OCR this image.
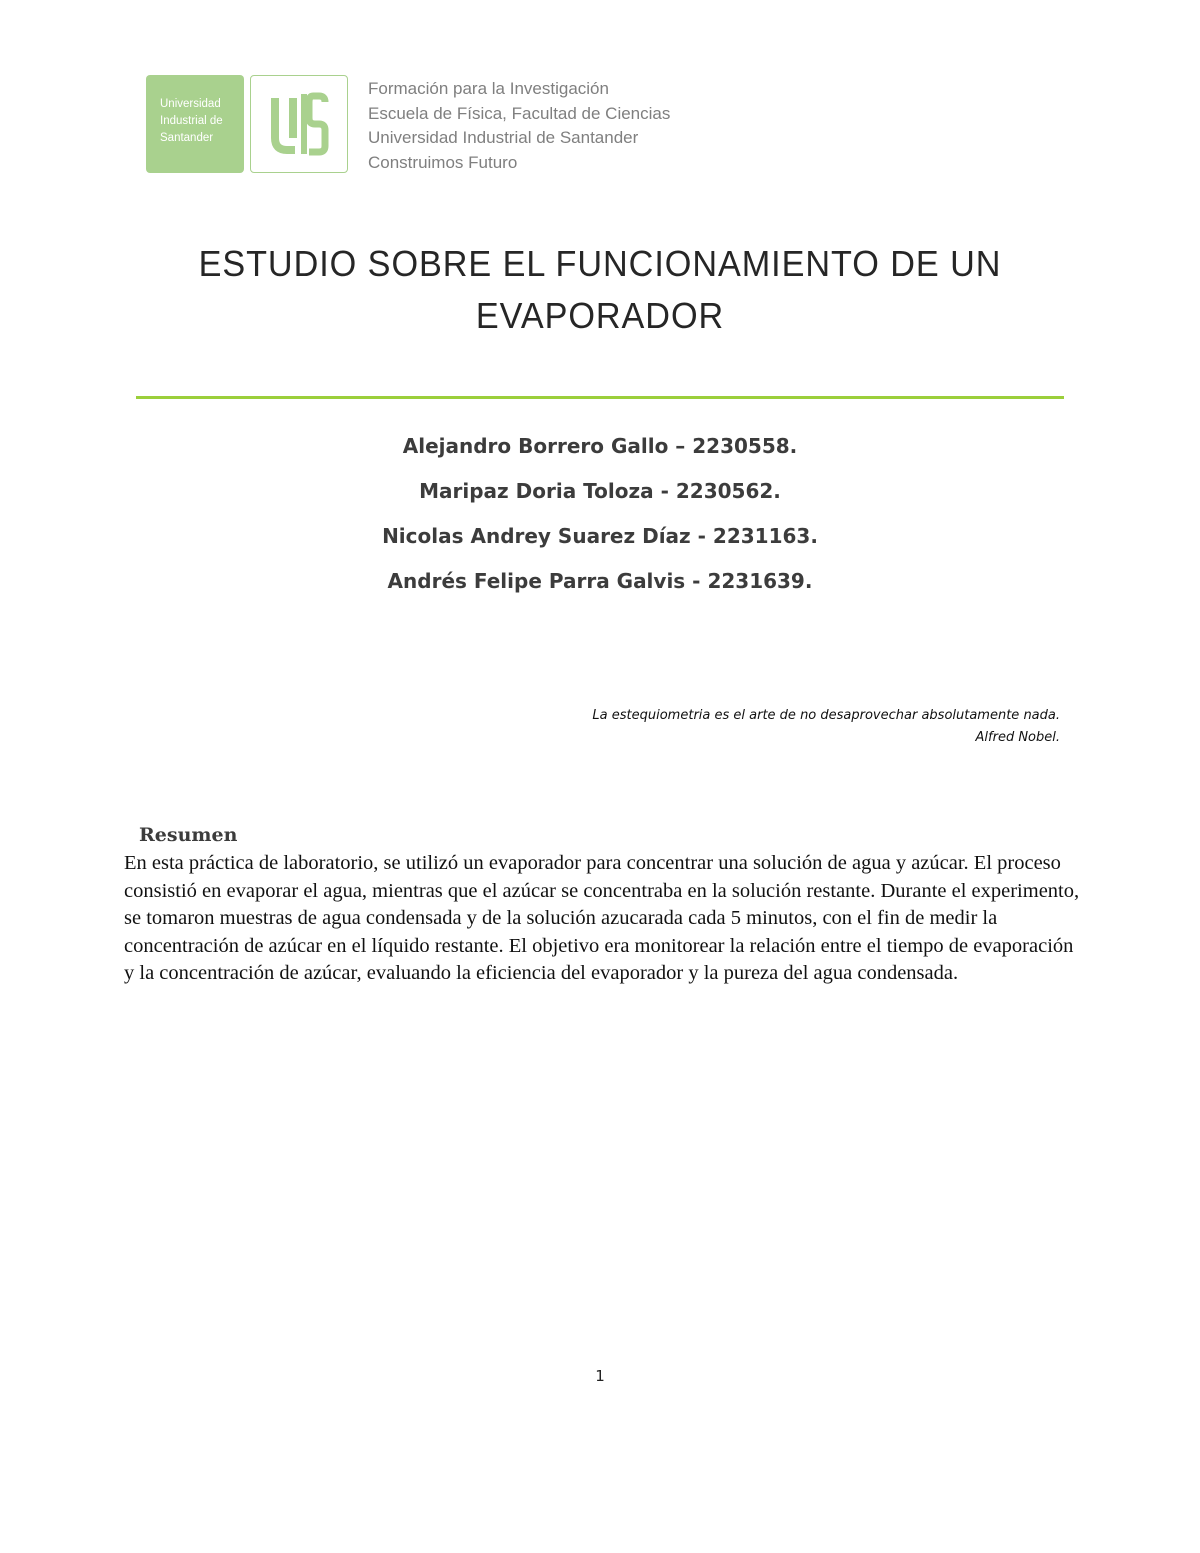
Universidad
Industrial de
Santander
Formación para la Investigación
Escuela de Física, Facultad de Ciencias
Universidad Industrial de Santander
Construimos Futuro
ESTUDIO SOBRE EL FUNCIONAMIENTO DE UN
EVAPORADOR
Alejandro Borrero Gallo – 2230558.
Maripaz Doria Toloza - 2230562.
Nicolas Andrey Suarez Díaz - 2231163.
Andrés Felipe Parra Galvis - 2231639.
La estequiometria es el arte de no desaprovechar absolutamente nada.
Alfred Nobel.
Resumen
En esta práctica de laboratorio, se utilizó un evaporador para concentrar una solución de agua y azúcar. El proceso consistió en evaporar el agua, mientras que el azúcar se concentraba en la solución restante. Durante el experimento, se tomaron muestras de agua condensada y de la solución azucarada cada 5 minutos, con el fin de medir la concentración de azúcar en el líquido restante. El objetivo era monitorear la relación entre el tiempo de evaporación y la concentración de azúcar, evaluando la eficiencia del evaporador y la pureza del agua condensada.
1
